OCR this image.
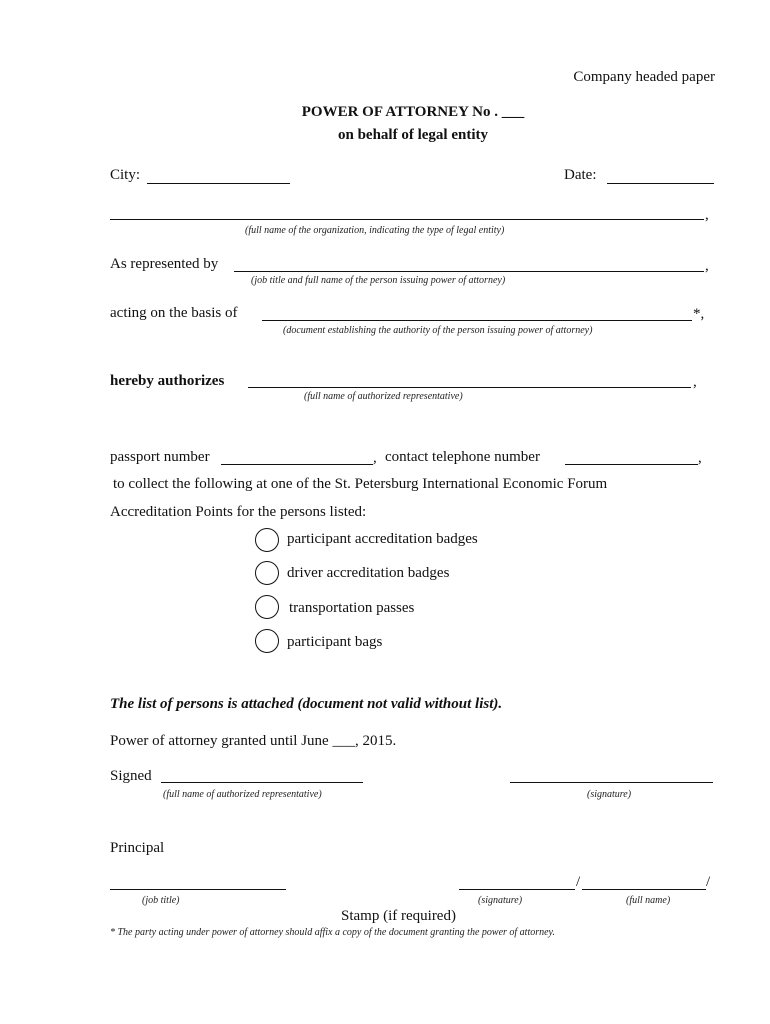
Company headed paper
POWER OF ATTORNEY No . ___
on behalf of legal entity
City:	Date:
,
(full name of the organization, indicating the type of legal entity)
As represented by	,
(job title and full name of the person issuing power of attorney)
acting on the basis of	*,
(document establishing the authority of the person issuing power of attorney)
hereby authorizes	,
(full name of authorized representative)
passport number	, contact telephone number	,
to collect the following at one of the St. Petersburg International Economic Forum
Accreditation Points for the persons listed:
participant accreditation badges
driver accreditation badges
transportation passes
participant bags
The list of persons is attached (document not valid without list).
Power of attorney granted until June ___, 2015.
Signed
(full name of authorized representative)	(signature)
Principal
/	/
(job title)	(signature)	(full name)
Stamp (if required)
* The party acting under power of attorney should affix a copy of the document granting the power of attorney.
